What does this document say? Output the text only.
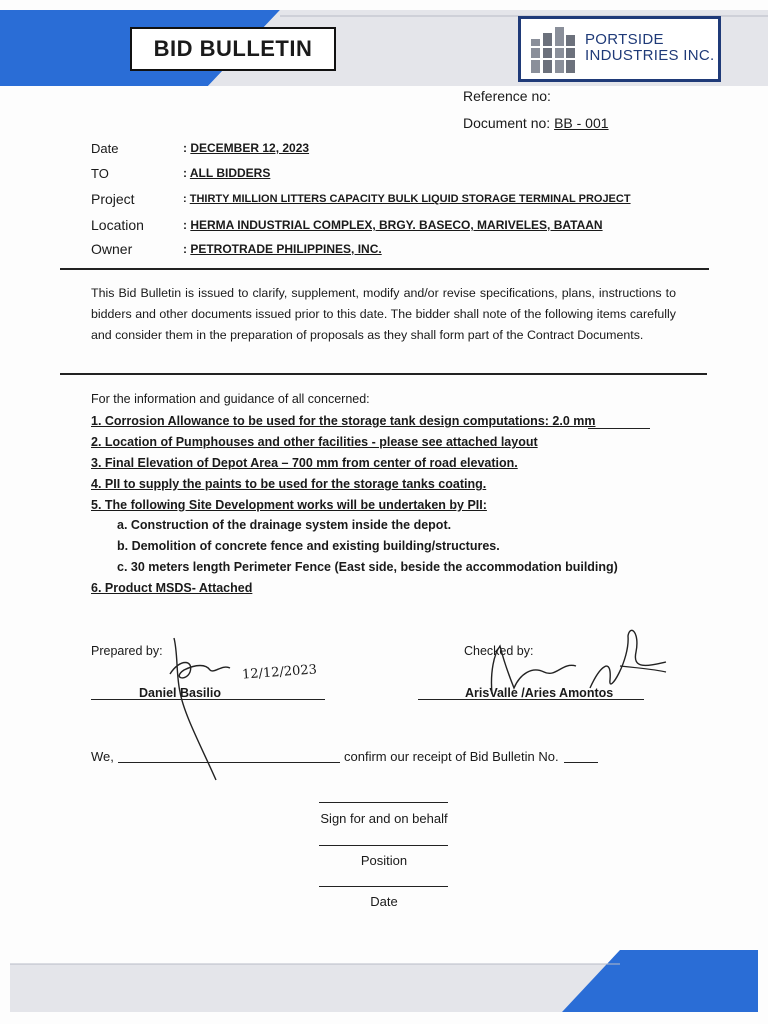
BID BULLETIN	PORTSIDE
INDUSTRIES INC.
Reference no:
Document no: BB - 001
Date	: DECEMBER 12, 2023
TO	: ALL BIDDERS
Project	: THIRTY MILLION LITTERS CAPACITY BULK LIQUID STORAGE TERMINAL PROJECT
Location	: HERMA INDUSTRIAL COMPLEX, BRGY. BASECO, MARIVELES, BATAAN
Owner	: PETROTRADE PHILIPPINES, INC.
This Bid Bulletin is issued to clarify, supplement, modify and/or revise specifications, plans, instructions to bidders and other documents issued prior to this date. The bidder shall note of the following items carefully and consider them in the preparation of proposals as they shall form part of the Contract Documents.
For the information and guidance of all concerned:
1. Corrosion Allowance to be used for the storage tank design computations: 2.0 mm
2. Location of Pumphouses and other facilities - please see attached layout
3. Final Elevation of Depot Area – 700 mm from center of road elevation.
4. PII to supply the paints to be used for the storage tanks coating.
5. The following Site Development works will be undertaken by PII:
a. Construction of the drainage system inside the depot.
b. Demolition of concrete fence and existing building/structures.
c. 30 meters length Perimeter Fence (East side, beside the accommodation building)
6. Product MSDS- Attached
Prepared by:
Daniel Basilio
12/12/2023
Checked by:
ArisValle /Aries Amontos
We,	confirm our receipt of Bid Bulletin No.
Sign for and on behalf
Position
Date
